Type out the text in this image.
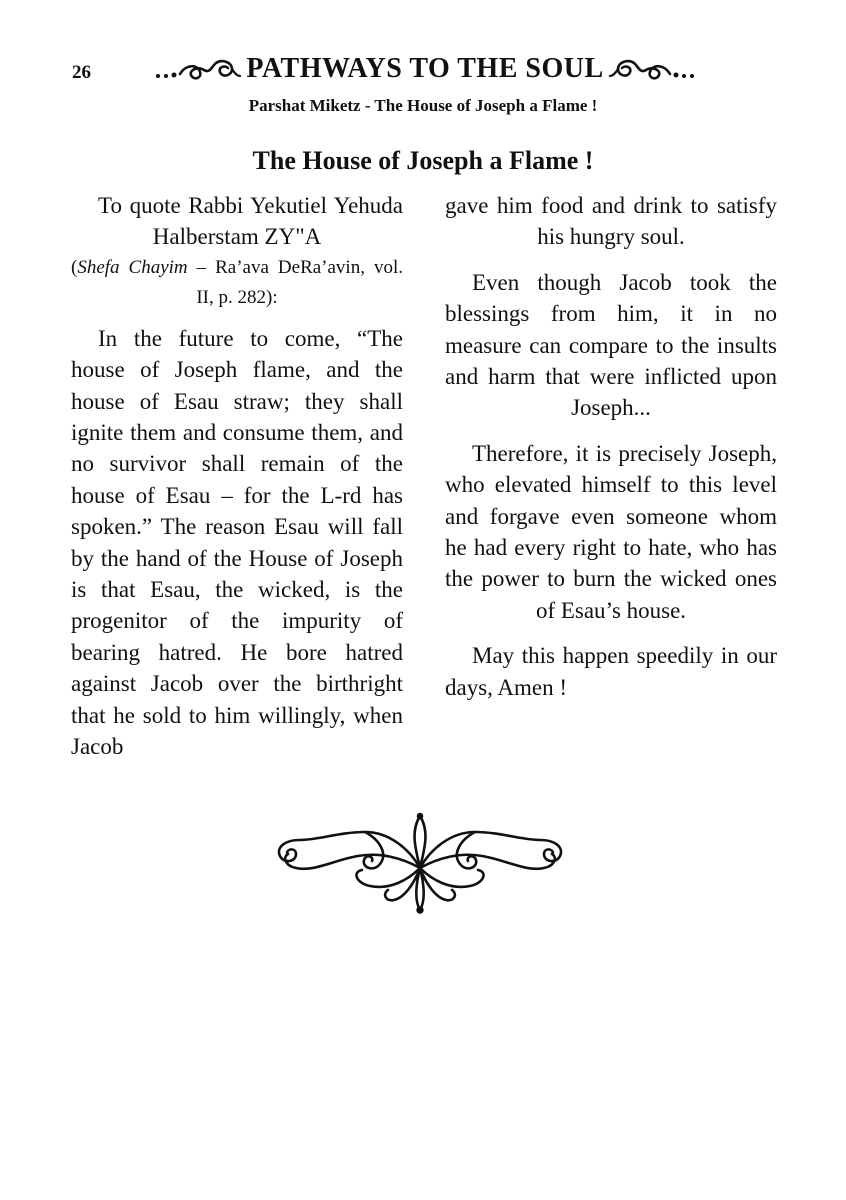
26	PATHWAYS TO THE SOUL
Parshat Miketz - The House of Joseph a Flame !
The House of Joseph a Flame !

To quote Rabbi Yekutiel Yehuda Halberstam ZY"A

(Shefa Chayim – Ra’ava DeRa’avin, vol. II, p. 282):

In the future to come, “The house of Joseph flame, and the house of Esau straw; they shall ignite them and consume them, and no survivor shall remain of the house of Esau – for the L-rd has spoken.” The reason Esau will fall by the hand of the House of Joseph is that Esau, the wicked, is the progenitor of the impurity of bearing hatred. He bore hatred against Jacob over the birthright that he sold to him willingly, when Jacob

gave him food and drink to satisfy his hungry soul.

Even though Jacob took the blessings from him, it in no measure can compare to the insults and harm that were inflicted upon Joseph...

Therefore, it is precisely Joseph, who elevated himself to this level and forgave even someone whom he had every right to hate, who has the power to burn the wicked ones of Esau’s house.

May this happen speedily in our days, Amen !
